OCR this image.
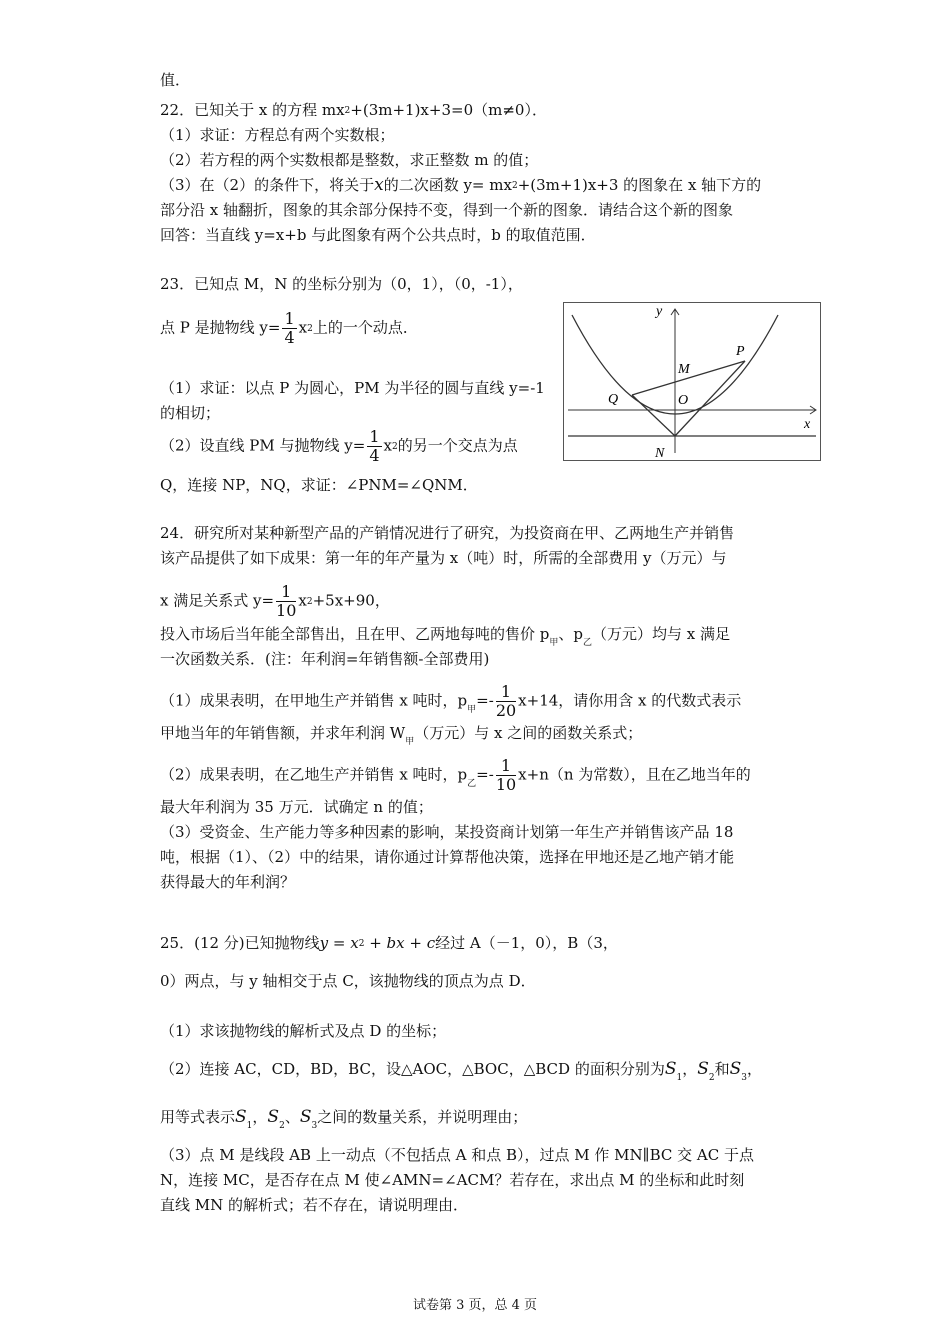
值．
22．已知关于 x 的方程 mx2+(3m+1)x+3=0（m≠0）．
（1）求证：方程总有两个实数根；
（2）若方程的两个实数根都是整数，求正整数 m 的值；
（3）在（2）的条件下，将关于x的二次函数 y= mx2+(3m+1)x+3 的图象在 x 轴下方的
部分沿 x 轴翻折，图象的其余部分保持不变，得到一个新的图象．请结合这个新的图象
回答：当直线 y=x+b 与此图象有两个公共点时，b 的取值范围．
23．已知点 M，N 的坐标分别为（0，1），（0，-1），
点 P 是抛物线 $y= \frac{1}{4} x2$上的一个动点．
（1）求证：以点 P 为圆心，PM 为半径的圆与直线 y=-1
的相切；
（2）设直线 PM 与抛物线 $y= \frac{1}{4} x2$的另一个交点为点
Q，连接 NP，NQ，求证：∠PNM=∠QNM．
y
x
P
M
Q	O
N
24．研究所对某种新型产品的产销情况进行了研究，为投资商在甲、乙两地生产并销售
该产品提供了如下成果：第一年的年产量为 x（吨）时，所需的全部费用 y（万元）与
x 满足关系式 $y= \frac{1}{10} x2+5x+90$，
投入市场后当年能全部售出，且在甲、乙两地每吨的售价 $p_甲$、$p_乙$（万元）均与 x 满足
一次函数关系．(注：年利润=年销售额-全部费用)
（1）成果表明，在甲地生产并销售 x 吨时，$p_甲=- \frac{1}{20} x+14$，请你用含 x 的代数式表示
甲地当年的年销售额，并求年利润 $W_甲$（万元）与 x 之间的函数关系式；
（2）成果表明，在乙地生产并销售 x 吨时，$p_乙=- \frac{1}{10} x+n(n$ 为常数），且在乙地当年的
最大年利润为 35 万元．试确定 n 的值；
（3）受资金、生产能力等多种因素的影响，某投资商计划第一年生产并销售该产品 18
吨，根据（1）、（2）中的结果，请你通过计算帮他决策，选择在甲地还是乙地产销才能
获得最大的年利润？
25．(12 分)已知抛物线y = x2 + bx + c经过 A（－1，0），B（3，
0）两点，与 y 轴相交于点 C，该抛物线的顶点为点 D．
（1）求该抛物线的解析式及点 D 的坐标；
（2）连接 AC，CD，BD，BC，设△AOC，△BOC，△BCD 的面积分别为$S_1$，$S_2$和$S_3$，
用等式表示$S_1$，$S_2$、$S_3$之间的数量关系，并说明理由；
（3）点 M 是线段 AB 上一动点（不包括点 A 和点 B），过点 M 作 MN∥BC 交 AC 于点
N，连接 MC，是否存在点 M 使∠AMN=∠ACM？若存在，求出点 M 的坐标和此时刻
直线 MN 的解析式；若不存在，请说明理由．
试卷第 3 页，总 4 页
